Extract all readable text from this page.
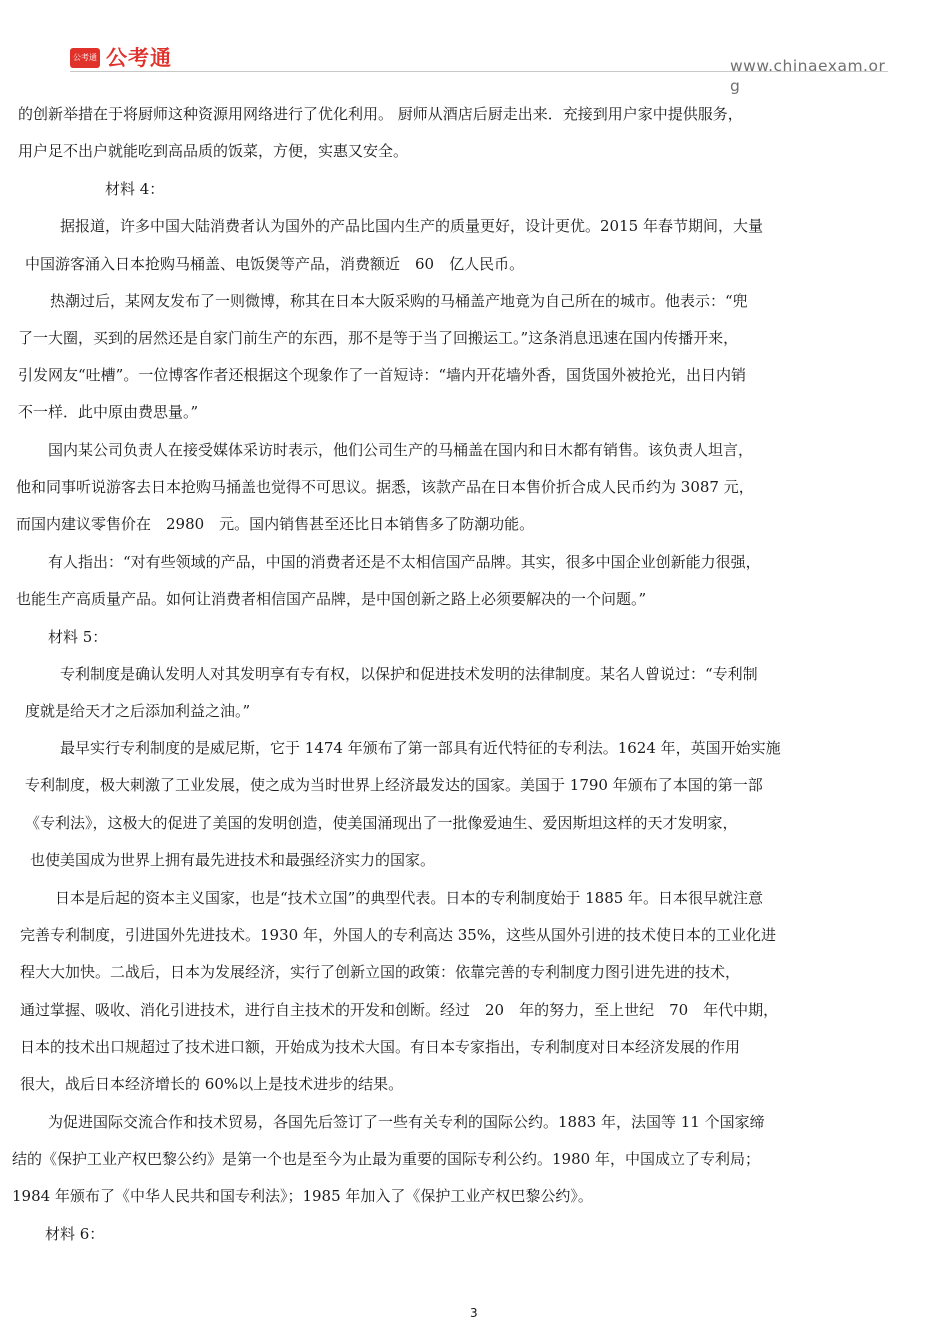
公考通 公考通	www.chinaexam.org
的创新举措在于将厨师这种资源用网络进行了优化利用。 厨师从酒店后厨走出来．充接到用户家中提供服务，
用户足不出户就能吃到高品质的饭菜，方便，实惠又安全。
材料 4：
据报道，许多中国大陆消费者认为国外的产品比国内生产的质量更好，设计更优。2015 年春节期间，大量
中国游客涌入日本抢购马桶盖、电饭煲等产品，消费额近　60　亿人民币。
热潮过后，某网友发布了一则微博，称其在日本大阪采购的马桶盖产地竟为自己所在的城市。他表示：“兜
了一大圈，买到的居然还是自家门前生产的东西，那不是等于当了回搬运工。”这条消息迅速在国内传播开来，
引发网友“吐槽”。一位博客作者还根据这个现象作了一首短诗：“墙内开花墙外香，国货国外被抢光，出日内销
不一样．此中原由费思量。”
国内某公司负责人在接受媒体采访时表示，他们公司生产的马桶盖在国内和日木都有销售。该负责人坦言，
他和同事听说游客去日本抢购马捅盖也觉得不可思议。据悉，该款产品在日本售价折合成人民币约为 3087 元，
而国内建议零售价在　2980　元。国内销售甚至还比日本销售多了防潮功能。
有人指出：“对有些领域的产品，中国的消费者还是不太相信国产品牌。其实，很多中国企业创新能力很强，
也能生产高质量产品。如何让消费者相信国产品牌，是中国创新之路上必须要解决的一个问题。”
材料 5：
专利制度是确认发明人对其发明享有专有权，以保护和促进技术发明的法律制度。某名人曾说过：“专利制
度就是给天才之后添加利益之油。”
最早实行专利制度的是威尼斯，它于 1474 年颁布了第一部具有近代特征的专利法。1624 年，英国开始实施
专利制度，极大刺激了工业发展，使之成为当时世界上经济最发达的国家。美国于 1790 年颁布了本国的第一部
《专利法》，这极大的促进了美国的发明创造，使美国涌现出了一批像爱迪生、爱因斯坦这样的天才发明家，
也使美国成为世界上拥有最先进技术和最强经济实力的国家。
日本是后起的资本主义国家，也是“技术立国”的典型代表。日本的专利制度始于 1885 年。日本很早就注意
完善专利制度，引进国外先进技术。1930 年，外国人的专利高达 35%，这些从国外引进的技术使日本的工业化进
程大大加快。二战后，日本为发展经济，实行了创新立国的政策：依靠完善的专利制度力图引进先进的技术，
通过掌握、吸收、消化引进技术，进行自主技术的开发和创断。经过　20　年的努力，至上世纪　70　年代中期，
日本的技术出口规超过了技术进口额，开始成为技术大国。有日本专家指出，专利制度对日本经济发展的作用
很大，战后日本经济增长的 60%以上是技术进步的结果。
为促进国际交流合作和技术贸易，各国先后签订了一些有关专利的国际公约。1883 年，法国等 11 个国家缔
结的《保护工业产权巴黎公约》是第一个也是至今为止最为重要的国际专利公约。1980 年，中国成立了专利局；
1984 年颁布了《中华人民共和国专利法》；1985 年加入了《保护工业产权巴黎公约》。
材料 6：
3
